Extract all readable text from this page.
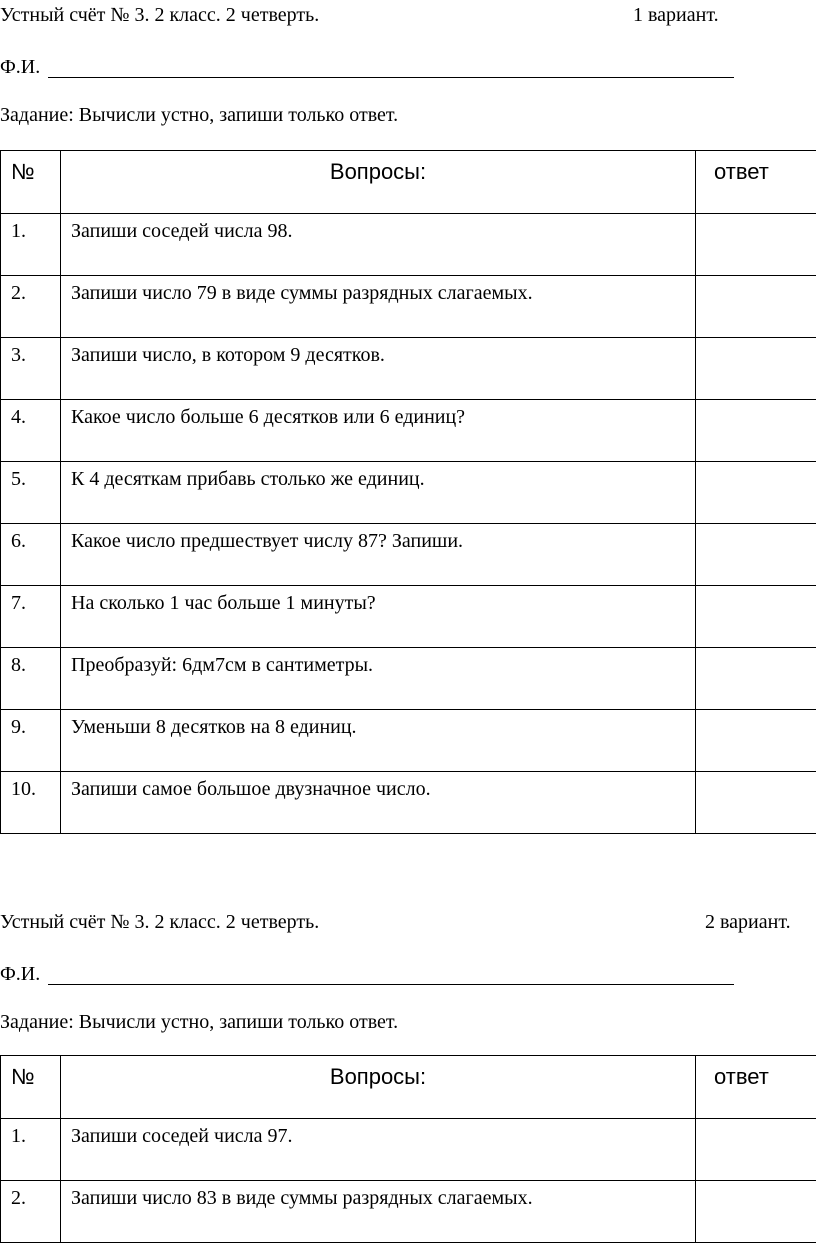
Устный счёт № 3. 2 класс. 2 четверть.	1 вариант.
Ф.И.
Задание: Вычисли устно, запиши только ответ.
№	Вопросы:	ответ
1.	Запиши соседей числа 98.	
2.	Запиши число 79 в виде суммы разрядных слагаемых.	
3.	Запиши число, в котором 9 десятков.	
4.	Какое число больше 6 десятков или 6 единиц?	
5.	К 4 десяткам прибавь столько же единиц.	
6.	Какое число предшествует числу 87? Запиши.	
7.	На сколько 1 час больше 1 минуты?	
8.	Преобразуй: 6дм7см в сантиметры.	
9.	Уменьши 8 десятков на 8 единиц.	
10.	Запиши самое большое двузначное число.	
Устный счёт № 3. 2 класс. 2 четверть.	2 вариант.
Ф.И.
Задание: Вычисли устно, запиши только ответ.
№	Вопросы:	ответ
1.	Запиши соседей числа 97.	
2.	Запиши число 83 в виде суммы разрядных слагаемых.	
